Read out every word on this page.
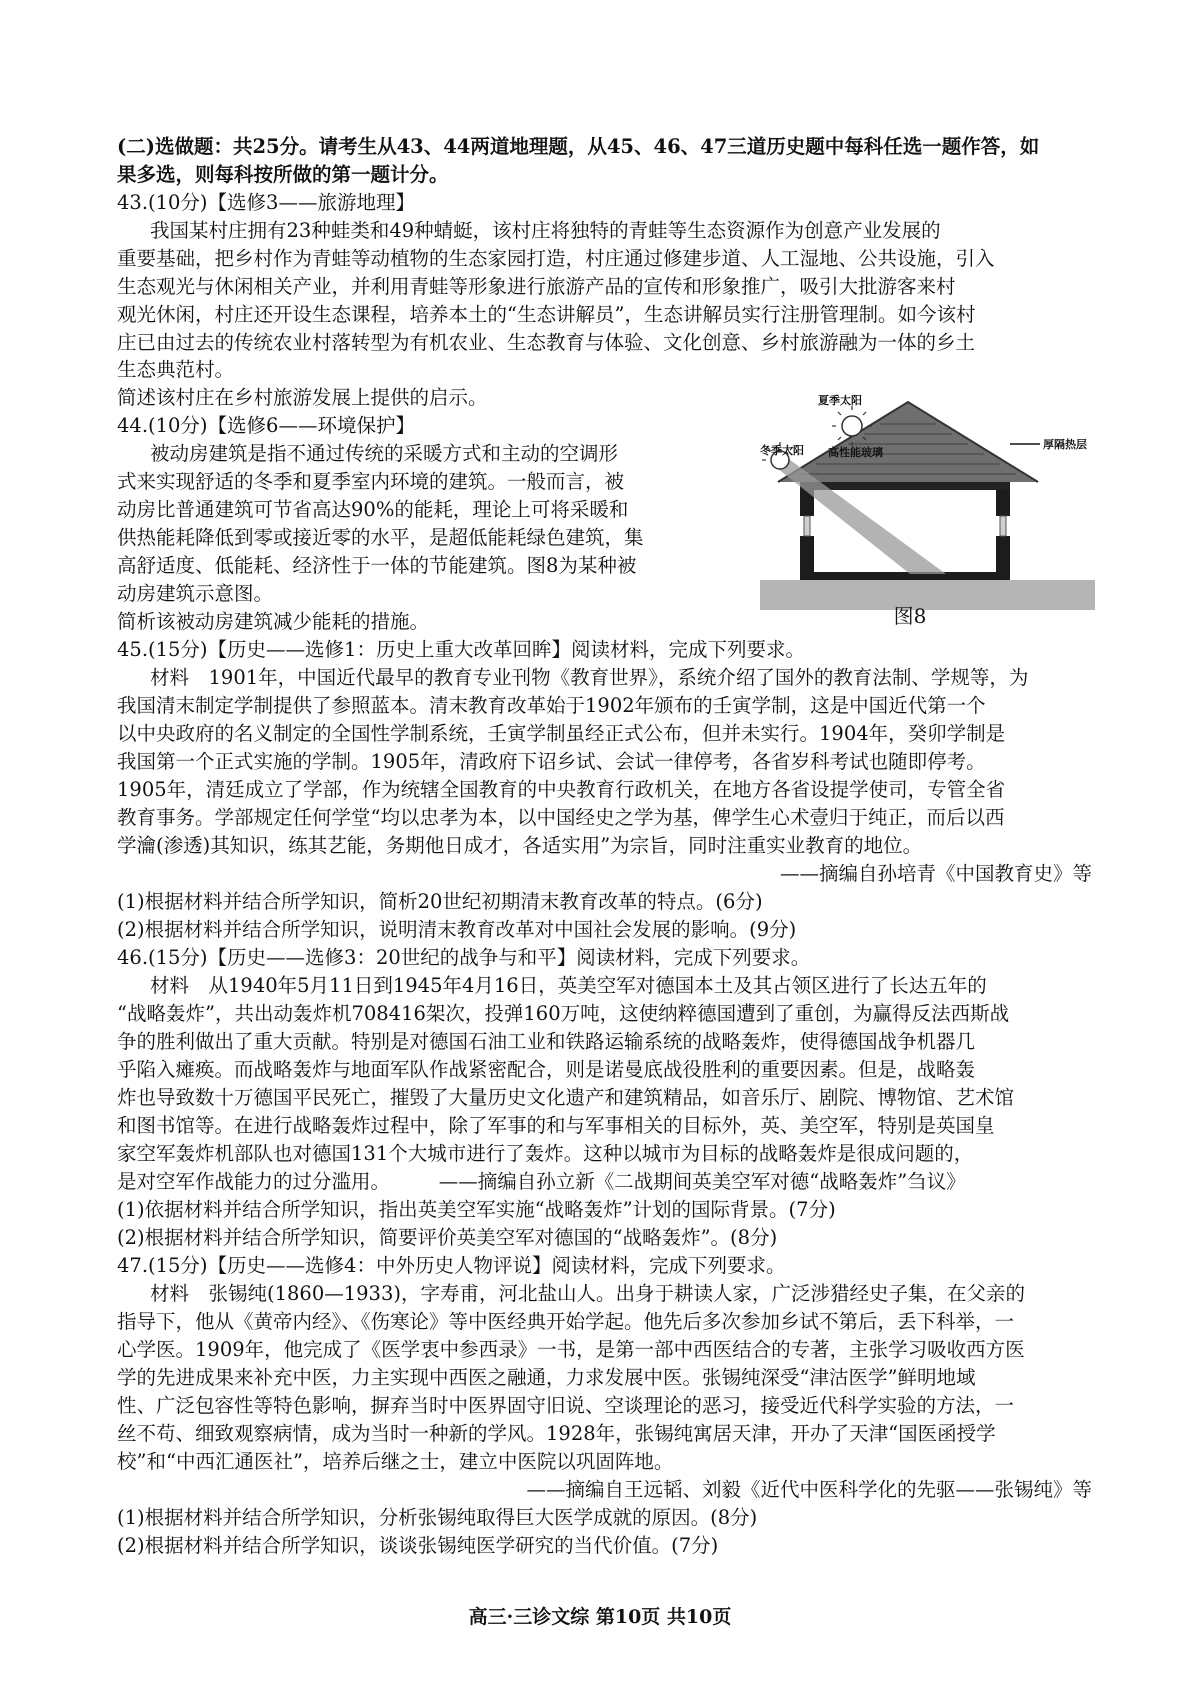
(二)选做题：共25分。请考生从43、44两道地理题，从45、46、47三道历史题中每科任选一题作答，如
果多选，则每科按所做的第一题计分。
43.(10分)【选修3——旅游地理】
我国某村庄拥有23种蛙类和49种蜻蜓，该村庄将独特的青蛙等生态资源作为创意产业发展的
重要基础，把乡村作为青蛙等动植物的生态家园打造，村庄通过修建步道、人工湿地、公共设施，引入
生态观光与休闲相关产业，并利用青蛙等形象进行旅游产品的宣传和形象推广，吸引大批游客来村
观光休闲，村庄还开设生态课程，培养本土的“生态讲解员”，生态讲解员实行注册管理制。如今该村
庄已由过去的传统农业村落转型为有机农业、生态教育与体验、文化创意、乡村旅游融为一体的乡土
生态典范村。
简述该村庄在乡村旅游发展上提供的启示。
44.(10分)【选修6——环境保护】
被动房建筑是指不通过传统的采暖方式和主动的空调形
式来实现舒适的冬季和夏季室内环境的建筑。一般而言，被
动房比普通建筑可节省高达90%的能耗，理论上可将采暖和
供热能耗降低到零或接近零的水平，是超低能耗绿色建筑，集
高舒适度、低能耗、经济性于一体的节能建筑。图8为某种被
动房建筑示意图。
简析该被动房建筑减少能耗的措施。
夏季太阳
冬季太阳 高性能玻璃
厚隔热层
图8
45.(15分)【历史——选修1：历史上重大改革回眸】阅读材料，完成下列要求。
材料　1901年，中国近代最早的教育专业刊物《教育世界》，系统介绍了国外的教育法制、学规等，为
我国清末制定学制提供了参照蓝本。清末教育改革始于1902年颁布的壬寅学制，这是中国近代第一个
以中央政府的名义制定的全国性学制系统，壬寅学制虽经正式公布，但并未实行。1904年，癸卯学制是
我国第一个正式实施的学制。1905年，清政府下诏乡试、会试一律停考，各省岁科考试也随即停考。
1905年，清廷成立了学部，作为统辖全国教育的中央教育行政机关，在地方各省设提学使司，专管全省
教育事务。学部规定任何学堂“均以忠孝为本，以中国经史之学为基，俾学生心术壹归于纯正，而后以西
学瀹(渗透)其知识，练其艺能，务期他日成才，各适实用”为宗旨，同时注重实业教育的地位。
——摘编自孙培青《中国教育史》等
(1)根据材料并结合所学知识，简析20世纪初期清末教育改革的特点。(6分)
(2)根据材料并结合所学知识，说明清末教育改革对中国社会发展的影响。(9分)
46.(15分)【历史——选修3：20世纪的战争与和平】阅读材料，完成下列要求。
材料　从1940年5月11日到1945年4月16日，英美空军对德国本土及其占领区进行了长达五年的
“战略轰炸”，共出动轰炸机708416架次，投弹160万吨，这使纳粹德国遭到了重创，为赢得反法西斯战
争的胜利做出了重大贡献。特别是对德国石油工业和铁路运输系统的战略轰炸，使得德国战争机器几
乎陷入瘫痪。而战略轰炸与地面军队作战紧密配合，则是诺曼底战役胜利的重要因素。但是，战略轰
炸也导致数十万德国平民死亡，摧毁了大量历史文化遗产和建筑精品，如音乐厅、剧院、博物馆、艺术馆
和图书馆等。在进行战略轰炸过程中，除了军事的和与军事相关的目标外，英、美空军，特别是英国皇
家空军轰炸机部队也对德国131个大城市进行了轰炸。这种以城市为目标的战略轰炸是很成问题的，
是对空军作战能力的过分滥用。　　　——摘编自孙立新《二战期间英美空军对德“战略轰炸”刍议》
(1)依据材料并结合所学知识，指出英美空军实施“战略轰炸”计划的国际背景。(7分)
(2)根据材料并结合所学知识，简要评价英美空军对德国的“战略轰炸”。(8分)
47.(15分)【历史——选修4：中外历史人物评说】阅读材料，完成下列要求。
材料　张锡纯(1860—1933)，字寿甫，河北盐山人。出身于耕读人家，广泛涉猎经史子集，在父亲的
指导下，他从《黄帝内经》、《伤寒论》等中医经典开始学起。他先后多次参加乡试不第后，丢下科举，一
心学医。1909年，他完成了《医学衷中参西录》一书，是第一部中西医结合的专著，主张学习吸收西方医
学的先进成果来补充中医，力主实现中西医之融通，力求发展中医。张锡纯深受“津沽医学”鲜明地域
性、广泛包容性等特色影响，摒弃当时中医界固守旧说、空谈理论的恶习，接受近代科学实验的方法，一
丝不苟、细致观察病情，成为当时一种新的学风。1928年，张锡纯寓居天津，开办了天津“国医函授学
校”和“中西汇通医社”，培养后继之士，建立中医院以巩固阵地。
——摘编自王远韬、刘毅《近代中医科学化的先驱——张锡纯》等
(1)根据材料并结合所学知识，分析张锡纯取得巨大医学成就的原因。(8分)
(2)根据材料并结合所学知识，谈谈张锡纯医学研究的当代价值。(7分)
高三·三诊文综 第10页 共10页
